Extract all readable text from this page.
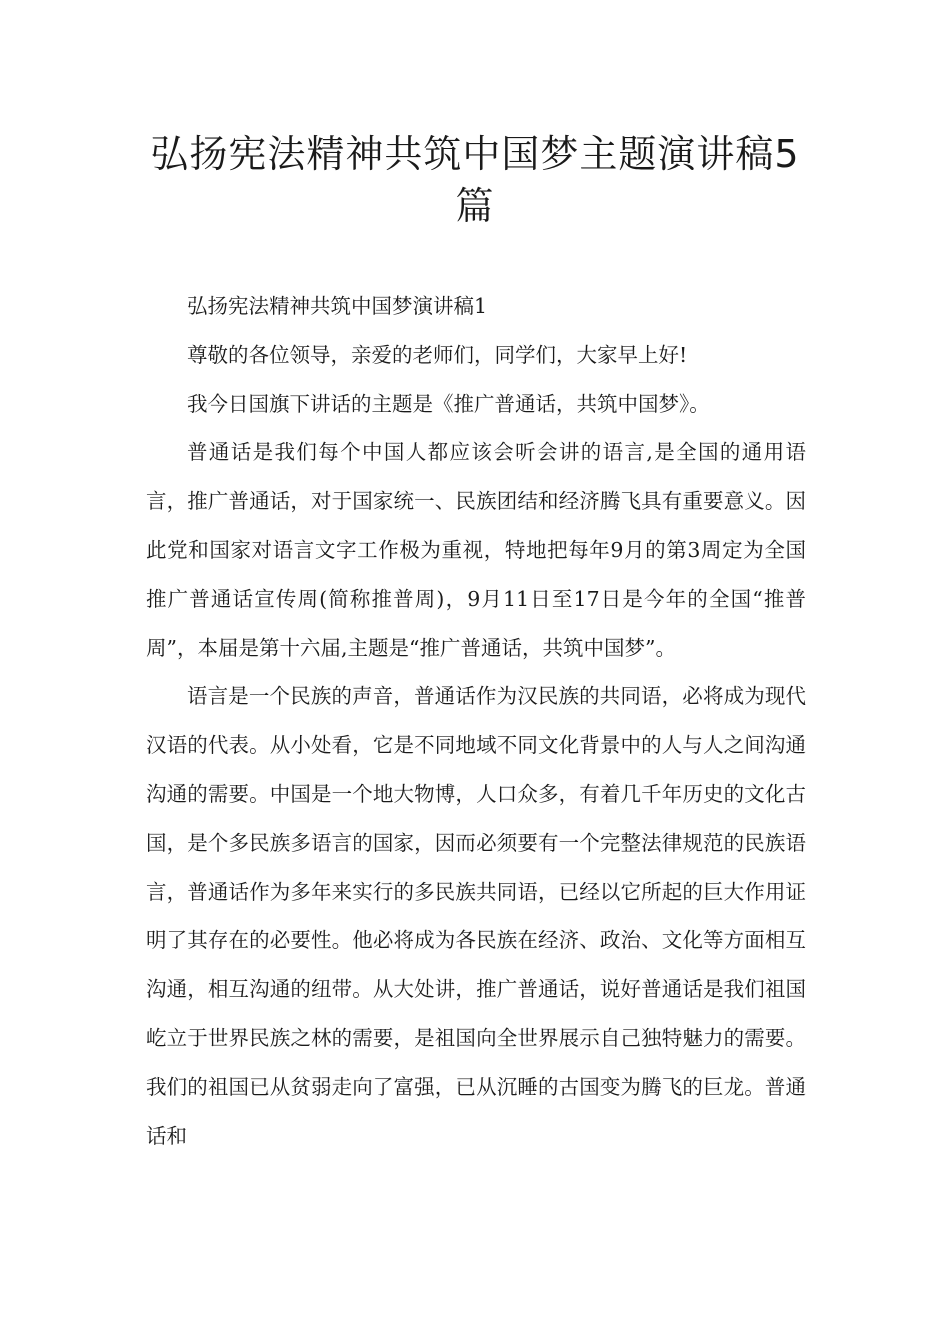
弘扬宪法精神共筑中国梦主题演讲稿5篇

弘扬宪法精神共筑中国梦演讲稿1

尊敬的各位领导，亲爱的老师们，同学们，大家早上好!

我今日国旗下讲话的主题是《推广普通话，共筑中国梦》。

普通话是我们每个中国人都应该会听会讲的语言,是全国的通用语言，推广普通话，对于国家统一、民族团结和经济腾飞具有重要意义。因此党和国家对语言文字工作极为重视，特地把每年9月的第3周定为全国推广普通话宣传周(简称推普周)，9月11日至17日是今年的全国“推普周”，本届是第十六届,主题是“推广普通话，共筑中国梦”。

语言是一个民族的声音，普通话作为汉民族的共同语，必将成为现代汉语的代表。从小处看，它是不同地域不同文化背景中的人与人之间沟通沟通的需要。中国是一个地大物博，人口众多，有着几千年历史的文化古国，是个多民族多语言的国家，因而必须要有一个完整法律规范的民族语言，普通话作为多年来实行的多民族共同语，已经以它所起的巨大作用证明了其存在的必要性。他必将成为各民族在经济、政治、文化等方面相互沟通，相互沟通的纽带。从大处讲，推广普通话，说好普通话是我们祖国屹立于世界民族之林的需要，是祖国向全世界展示自己独特魅力的需要。我们的祖国已从贫弱走向了富强，已从沉睡的古国变为腾飞的巨龙。普通话和
